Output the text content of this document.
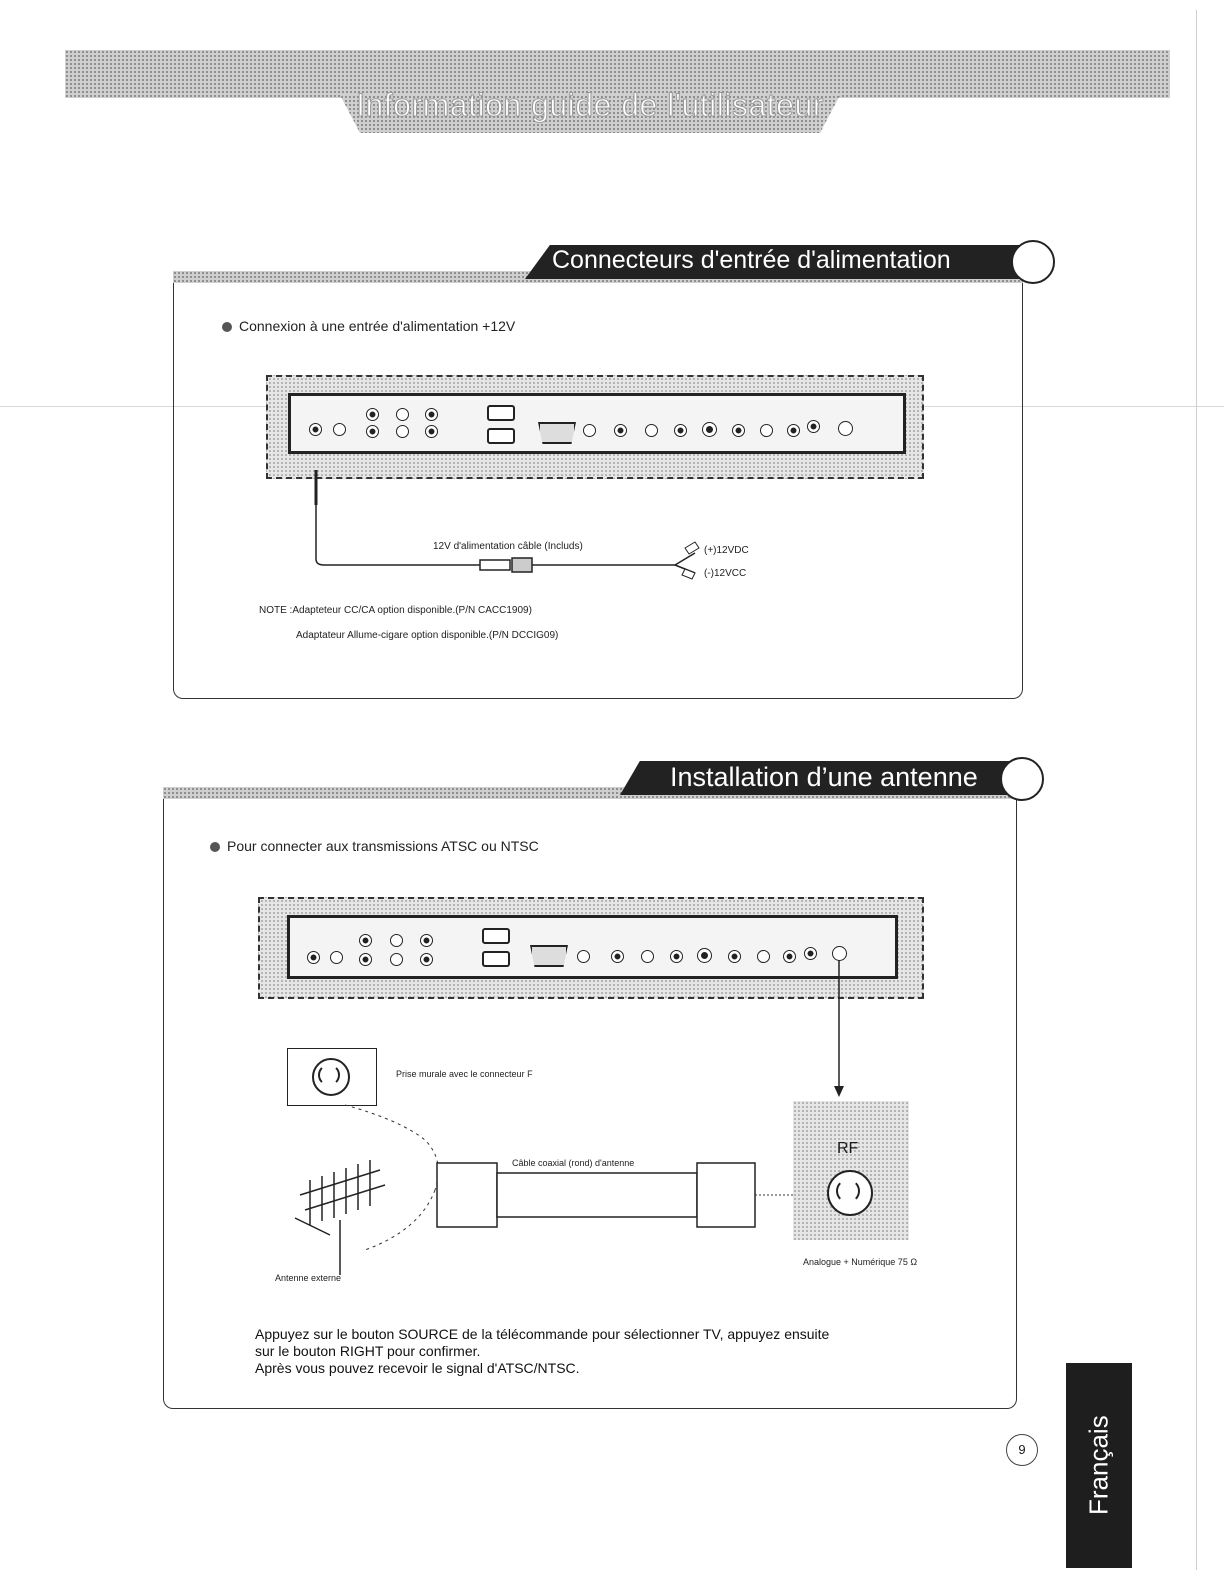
Information guide de l'utilisateur
Connecteurs d'entrée d'alimentation
Connexion à une entrée d'alimentation +12V
12V d'alimentation câble (Includs)	(+)12VDC
(-)12VCC
NOTE :Adapteteur CC/CA option disponible.(P/N CACC1909)
Adaptateur Allume-cigare option disponible.(P/N DCCIG09)
Installation d’une antenne
Pour connecter aux transmissions ATSC ou NTSC
Prise murale avec le connecteur F
Câble coaxial (rond) d'antenne
Antenne externe
RF
Analogue + Numérique 75 Ω
Appuyez sur le bouton SOURCE de la télécommande pour sélectionner TV, appuyez ensuite
sur le bouton RIGHT pour confirmer.
Après vous pouvez recevoir le signal d'ATSC/NTSC.
9	Français
